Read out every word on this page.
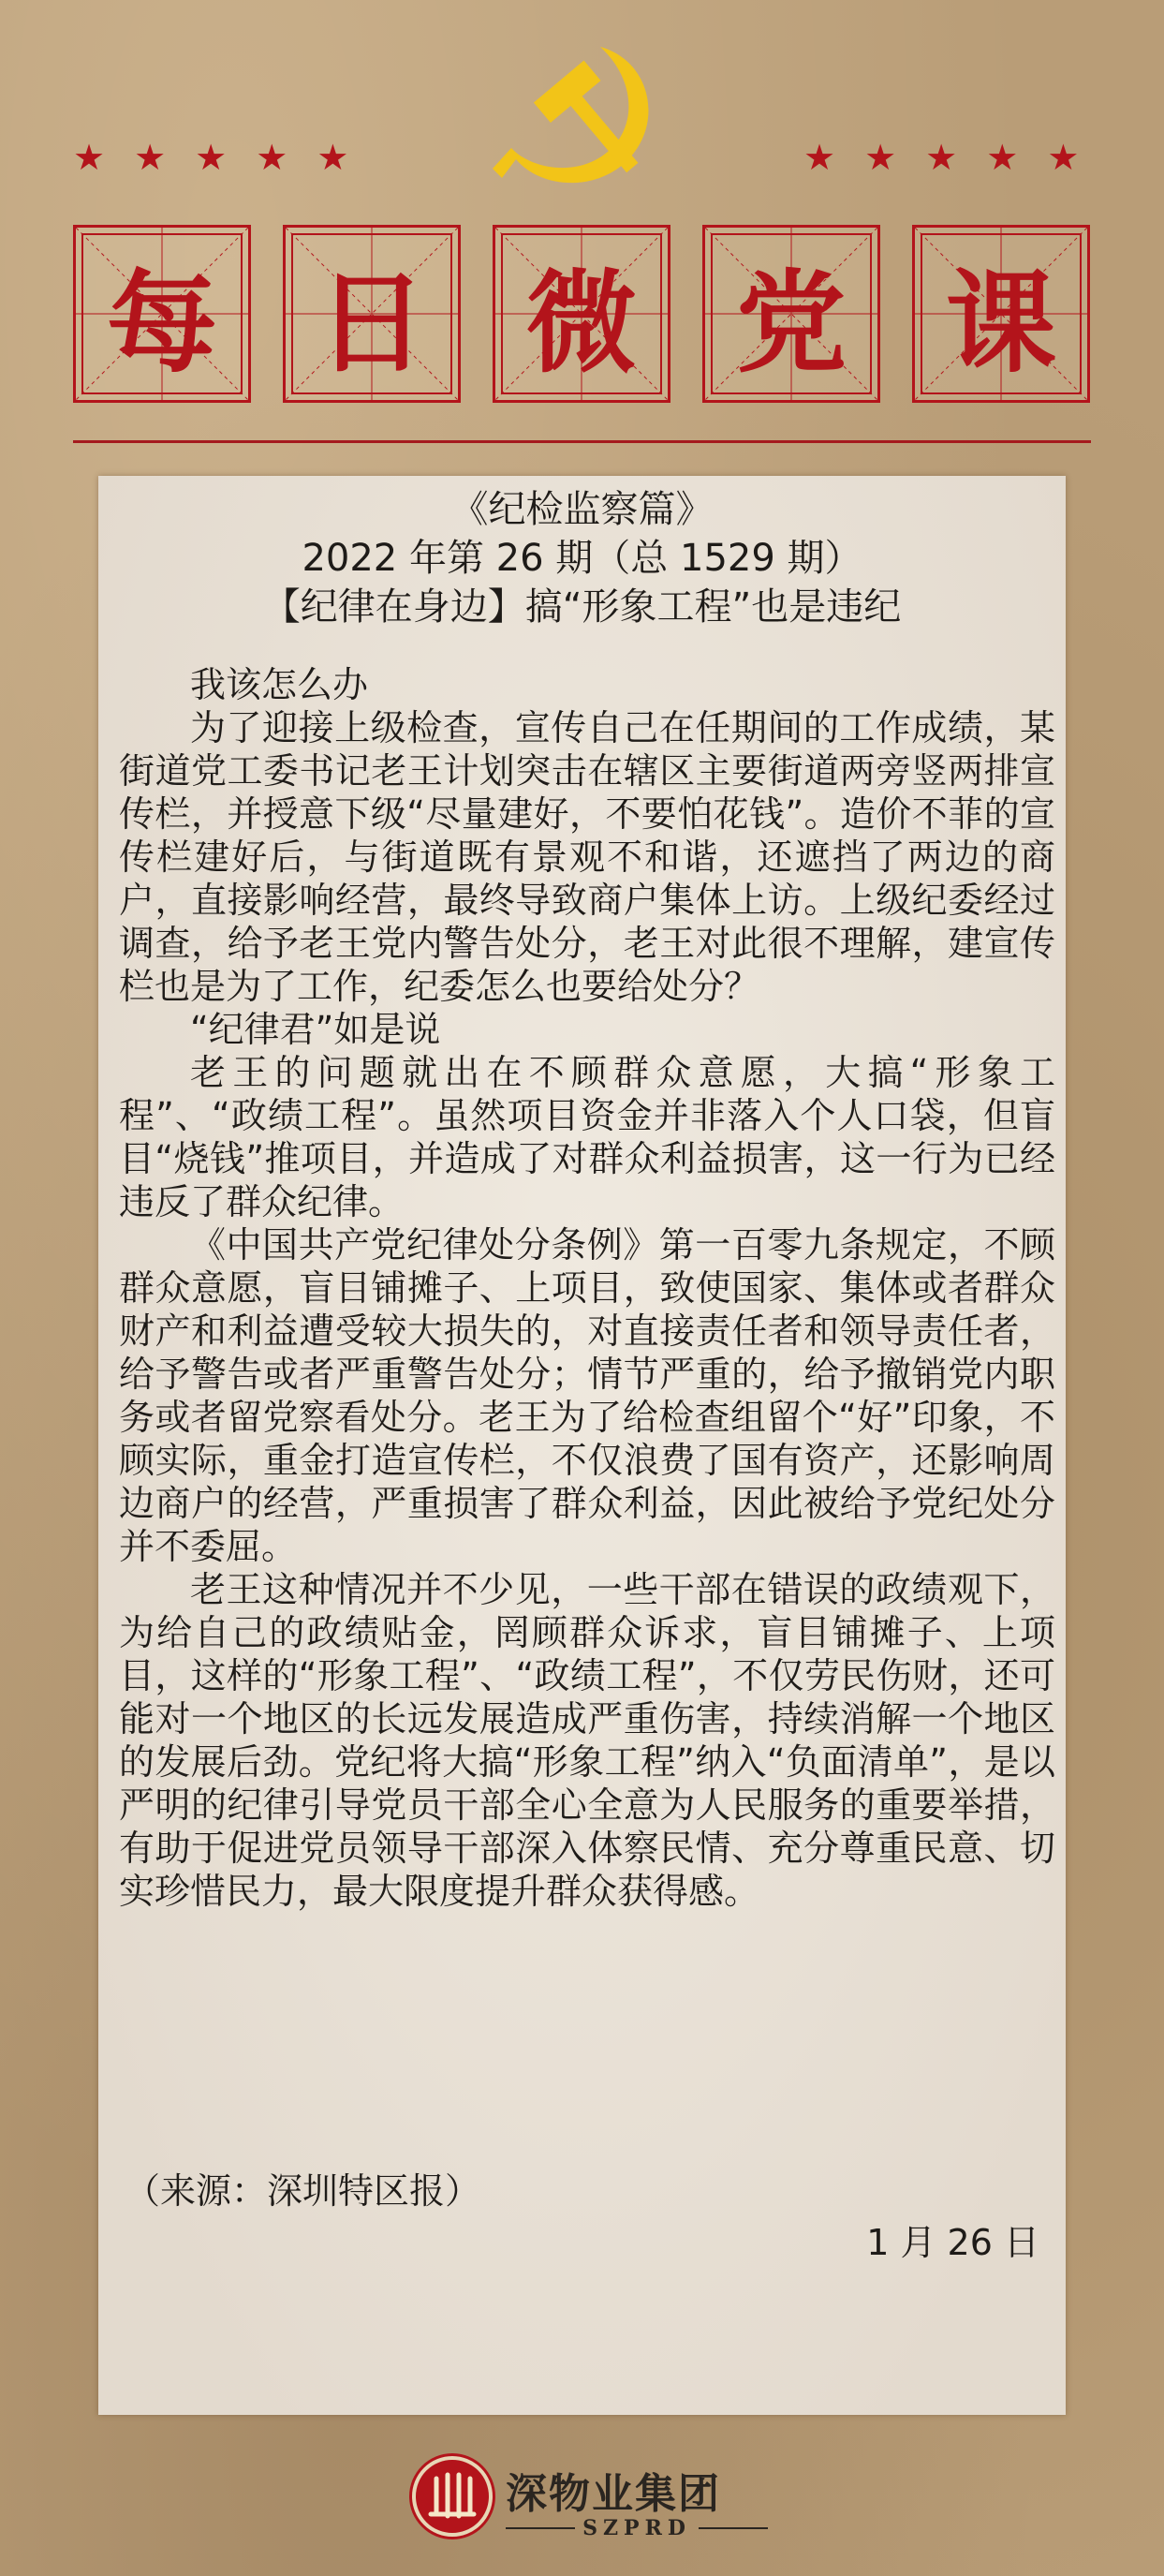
★ ★ ★ ★ ★	★ ★ ★ ★ ★
每 日 微 党 课
《纪检监察篇》
2022 年第 26 期（总 1529 期）
【纪律在身边】搞“形象工程”也是违纪

我该怎么办

为了迎接上级检查，宣传自己在任期间的工作成绩，某街道党工委书记老王计划突击在辖区主要街道两旁竖两排宣传栏，并授意下级“尽量建好，不要怕花钱”。造价不菲的宣传栏建好后，与街道既有景观不和谐，还遮挡了两边的商户，直接影响经营，最终导致商户集体上访。上级纪委经过调查，给予老王党内警告处分，老王对此很不理解，建宣传栏也是为了工作，纪委怎么也要给处分？

“纪律君”如是说

老王的问题就出在不顾群众意愿，大搞“形象工程”、“政绩工程”。虽然项目资金并非落入个人口袋，但盲目“烧钱”推项目，并造成了对群众利益损害，这一行为已经违反了群众纪律。

《中国共产党纪律处分条例》第一百零九条规定，不顾群众意愿，盲目铺摊子、上项目，致使国家、集体或者群众财产和利益遭受较大损失的，对直接责任者和领导责任者，给予警告或者严重警告处分；情节严重的，给予撤销党内职务或者留党察看处分。老王为了给检查组留个“好”印象，不顾实际，重金打造宣传栏，不仅浪费了国有资产，还影响周边商户的经营，严重损害了群众利益，因此被给予党纪处分并不委屈。

老王这种情况并不少见，一些干部在错误的政绩观下，为给自己的政绩贴金，罔顾群众诉求，盲目铺摊子、上项目，这样的“形象工程”、“政绩工程”，不仅劳民伤财，还可能对一个地区的长远发展造成严重伤害，持续消解一个地区的发展后劲。党纪将大搞“形象工程”纳入“负面清单”，是以严明的纪律引导党员干部全心全意为人民服务的重要举措，有助于促进党员领导干部深入体察民情、充分尊重民意、切实珍惜民力，最大限度提升群众获得感。

（来源：深圳特区报）
1 月 26 日
深物业集团
SZPRD
